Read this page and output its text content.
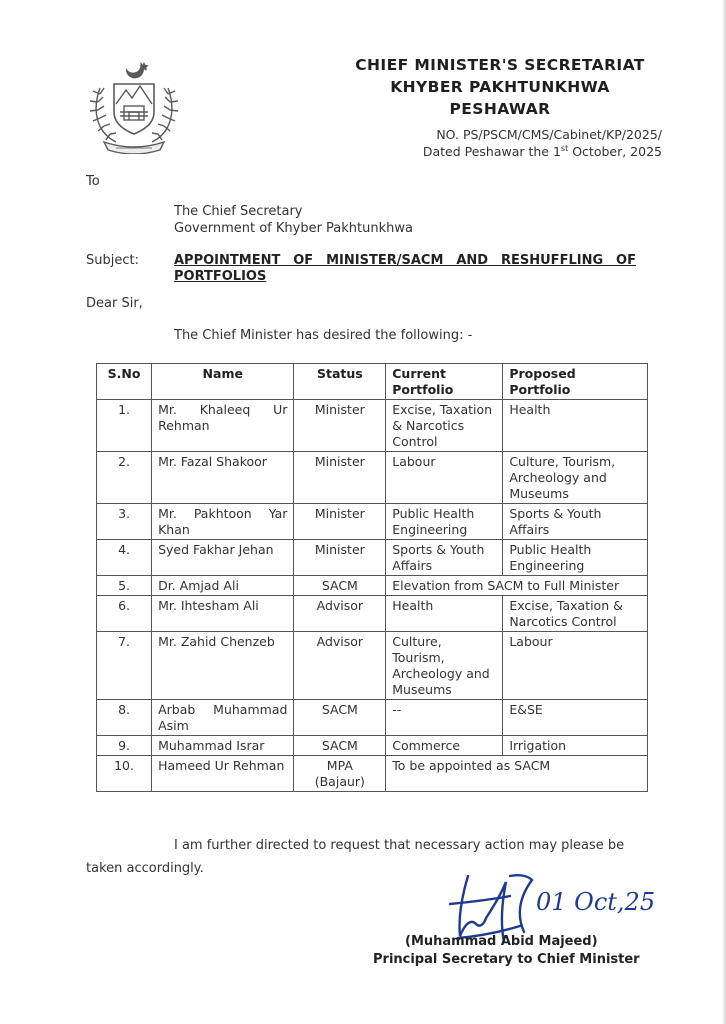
CHIEF MINISTER'S SECRETARIAT
KHYBER PAKHTUNKHWA
PESHAWAR
NO. PS/PSCM/CMS/Cabinet/KP/2025/
Dated Peshawar the 1st October, 2025
To
The Chief Secretary
Government of Khyber Pakhtunkhwa
Subject:	APPOINTMENT OF MINISTER/SACM AND RESHUFFLING OF PORTFOLIOS
Dear Sir,
The Chief Minister has desired the following: -
S.No	Name	Status	Current Portfolio	Proposed Portfolio
1.	Mr. Khaleeq Ur Rehman	Minister	Excise, Taxation & Narcotics Control	Health
2.	Mr. Fazal Shakoor	Minister	Labour	Culture, Tourism, Archeology and Museums
3.	Mr. Pakhtoon Yar Khan	Minister	Public Health Engineering	Sports & Youth Affairs
4.	Syed Fakhar Jehan	Minister	Sports & Youth Affairs	Public Health Engineering
5.	Dr. Amjad Ali	SACM	Elevation from SACM to Full Minister	
6.	Mr. Ihtesham Ali	Advisor	Health	Excise, Taxation & Narcotics Control
7.	Mr. Zahid Chenzeb	Advisor	Culture, Tourism, Archeology and Museums	Labour
8.	Arbab Muhammad Asim	SACM	--	E&SE
9.	Muhammad Israr	SACM	Commerce	Irrigation
10.	Hameed Ur Rehman	MPA (Bajaur)	To be appointed as SACM	
I am further directed to request that necessary action may please be
taken accordingly.
01 Oct,25
(Muhammad Abid Majeed)
Principal Secretary to Chief Minister
